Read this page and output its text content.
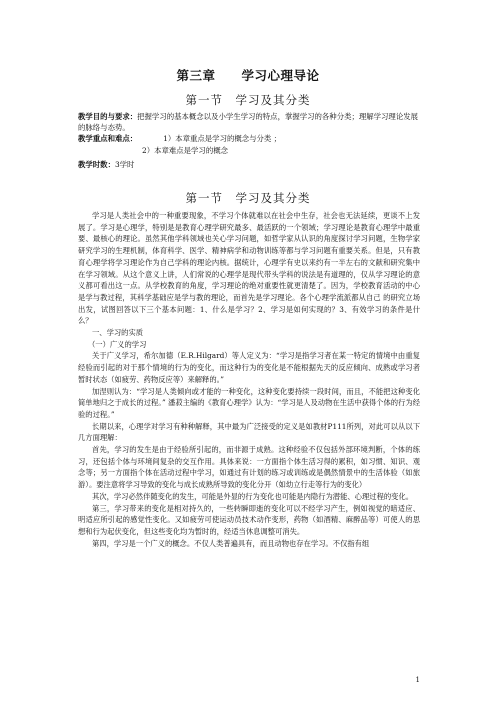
第三章　　学习心理导论
第一节　学习及其分类
教学目的与要求：把握学习的基本概念以及小学生学习的特点，掌握学习的各种分类；理解学习理论发展的脉络与态势。
教学重点和难点：	1）本章重点是学习的概念与分类 ；
2）本章难点是学习的概念
教学时数：3学时
第一节　学习及其分类

学习是人类社会中的一种重要现象，不学习个体就难以在社会中生存，社会也无法延续，更谈不上发展了。学习是心理学，特别是是教育心理学研究最多、最活跃的一个领域；学习理论是教育心理学中最重要、最核心的理论。虽然其他学科领域也关心学习问题，如哲学家从认识的角度探讨学习问题，生物学家研究学习的生理机制，体育科学、医学、精神病学和动物训练等都与学习问题有重要关系。但是，只有教育心理学将学习理论作为自己学科的理论内核。据统计，心理学有史以来约有一半左右的文献和研究集中在学习领域。从这个意义上讲，人们常说的心理学是现代带头学科的说法是有道理的，仅从学习理论的意义都可看出这一点。从学校教育的角度，学习理论的绝对重要性就更清楚了。因为，学校教育活动的中心是学与教过程，其科学基础应是学与教的理论，而首先是学习理论。各个心理学流派都从自己 的研究立场出发，试图回答以下三个基本问题：1、什么是学习？2、学习是如何实现的？3、有效学习的条件是什么？

一、学习的实质

（一）广义的学习

关于广义学习，希尔加德（E.R.Hilgard）等人定义为：“学习是指学习者在某一特定的情境中由重复经验而引起的对于那个情境的行为的变化，而这种行为的变化是不能根据先天的反应倾向、成熟或学习者暂时状态（如疲劳、药物反应等）来解释的。”

加涅则认为：“学习是人类倾向或才能的一种变化，这种变化要持续一段时间，而且，不能把这种变化简单地归之于成长的过程。” 潘菽主编的《教育心理学》认为：“学习是人及动物在生活中获得个体的行为经验的过程。”

长期以来，心理学对学习有种种解释，其中最为广泛接受的定义是如教材P111所列，对此可以从以下几方面理解：

首先，学习的发生是由于经验所引起的，而非源于成熟。这种经验不仅包括外部环境判断，个体的练习，还包括个体与环境间复杂的交互作用。具体来说：一方面指个体生活习得的累积，如习惯、知识、观念等；另一方面指个体在活动过程中学习，如通过有计划的练习或训练或是偶然情景中的生活体验（如旅游）。要注意将学习导致的变化与成长成熟所导致的变化分开（如幼立行走等行为的变化）

其次，学习必然伴随变化的发生，可能是外显的行为变化也可能是内隐行为潜能、心理过程的变化。

第三，学习带来的变化是相对持久的，一些转瞬即逝的变化可以不经学习产生，例如视觉的暗适应、明适应所引起的感觉性变化。又如疲劳可使运动员技术动作变形，药物（如酒精、麻醉品等）可使人的思想和行为起伏变化，但这些变化均为暂时的，经适当休息调整可消失。

第四，学习是一个广义的概念。不仅人类普遍具有，而且动物也存在学习。不仅指有组

1
